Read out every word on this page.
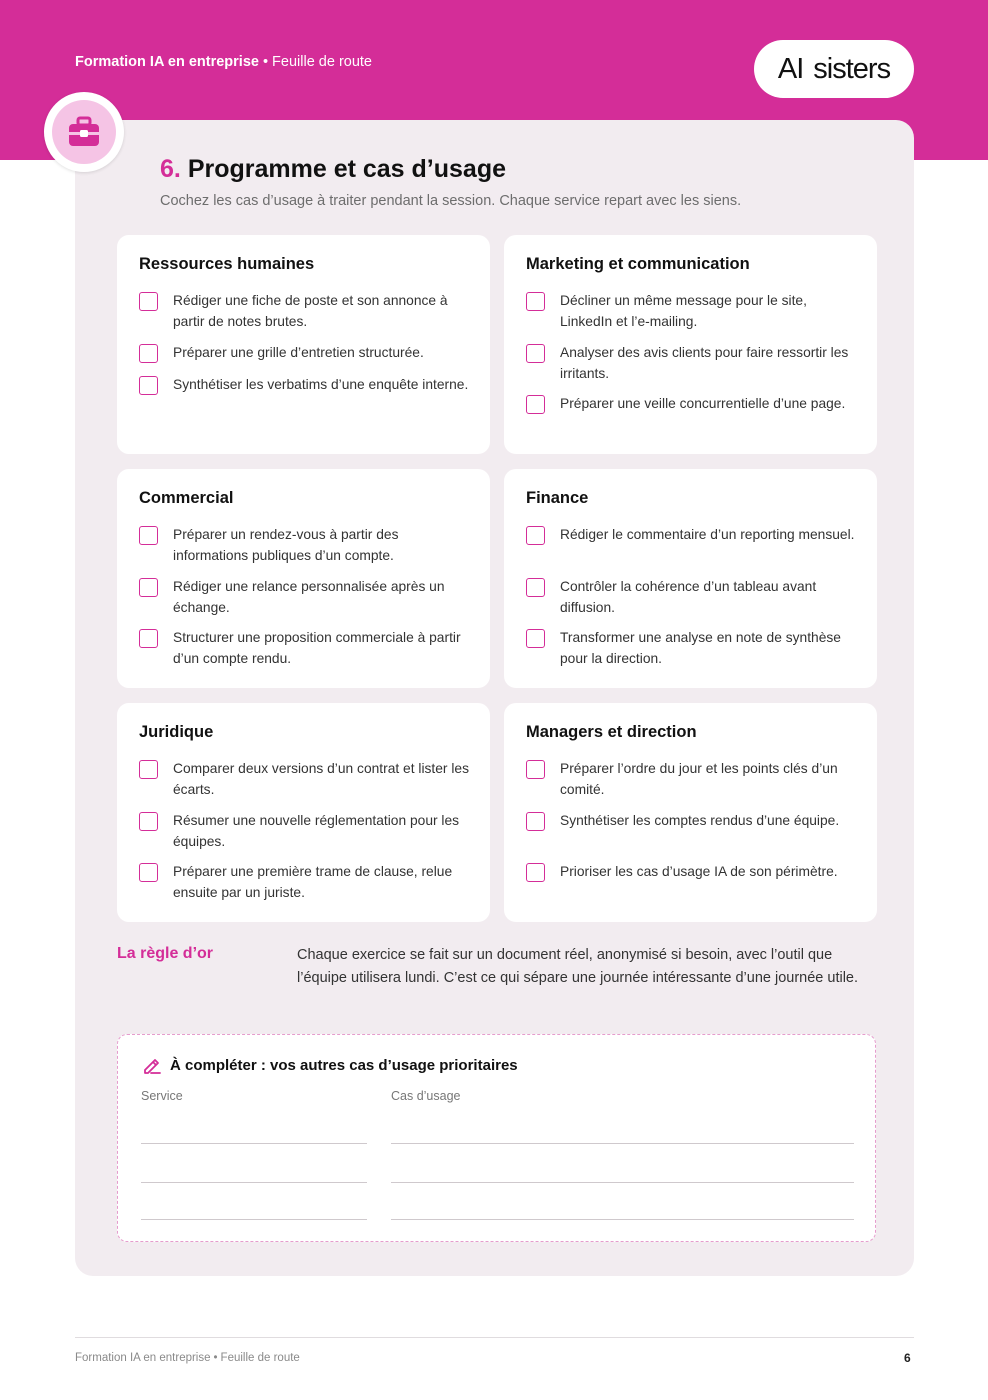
Formation IA en entreprise • Feuille de route	AI sisters
6. Programme et cas d’usage
Cochez les cas d’usage à traiter pendant la session. Chaque service repart avec les siens.
Ressources humaines
Rédiger une fiche de poste et son annonce à partir de notes brutes.
Préparer une grille d’entretien structurée.
Synthétiser les verbatims d’une enquête interne.
Marketing et communication
Décliner un même message pour le site, LinkedIn et l’e-mailing.
Analyser des avis clients pour faire ressortir les irritants.
Préparer une veille concurrentielle d’une page.
Commercial
Préparer un rendez-vous à partir des informations publiques d’un compte.
Rédiger une relance personnalisée après un échange.
Structurer une proposition commerciale à partir d’un compte rendu.
Finance
Rédiger le commentaire d’un reporting mensuel.
Contrôler la cohérence d’un tableau avant diffusion.
Transformer une analyse en note de synthèse pour la direction.
Juridique
Comparer deux versions d’un contrat et lister les écarts.
Résumer une nouvelle réglementation pour les équipes.
Préparer une première trame de clause, relue ensuite par un juriste.
Managers et direction
Préparer l’ordre du jour et les points clés d’un comité.
Synthétiser les comptes rendus d’une équipe.
Prioriser les cas d’usage IA de son périmètre.
La règle d’or	Chaque exercice se fait sur un document réel, anonymisé si besoin, avec l’outil que l’équipe utilisera lundi. C’est ce qui sépare une journée intéressante d’une journée utile.
À compléter : vos autres cas d’usage prioritaires
Service	Cas d’usage
Formation IA en entreprise • Feuille de route	6
